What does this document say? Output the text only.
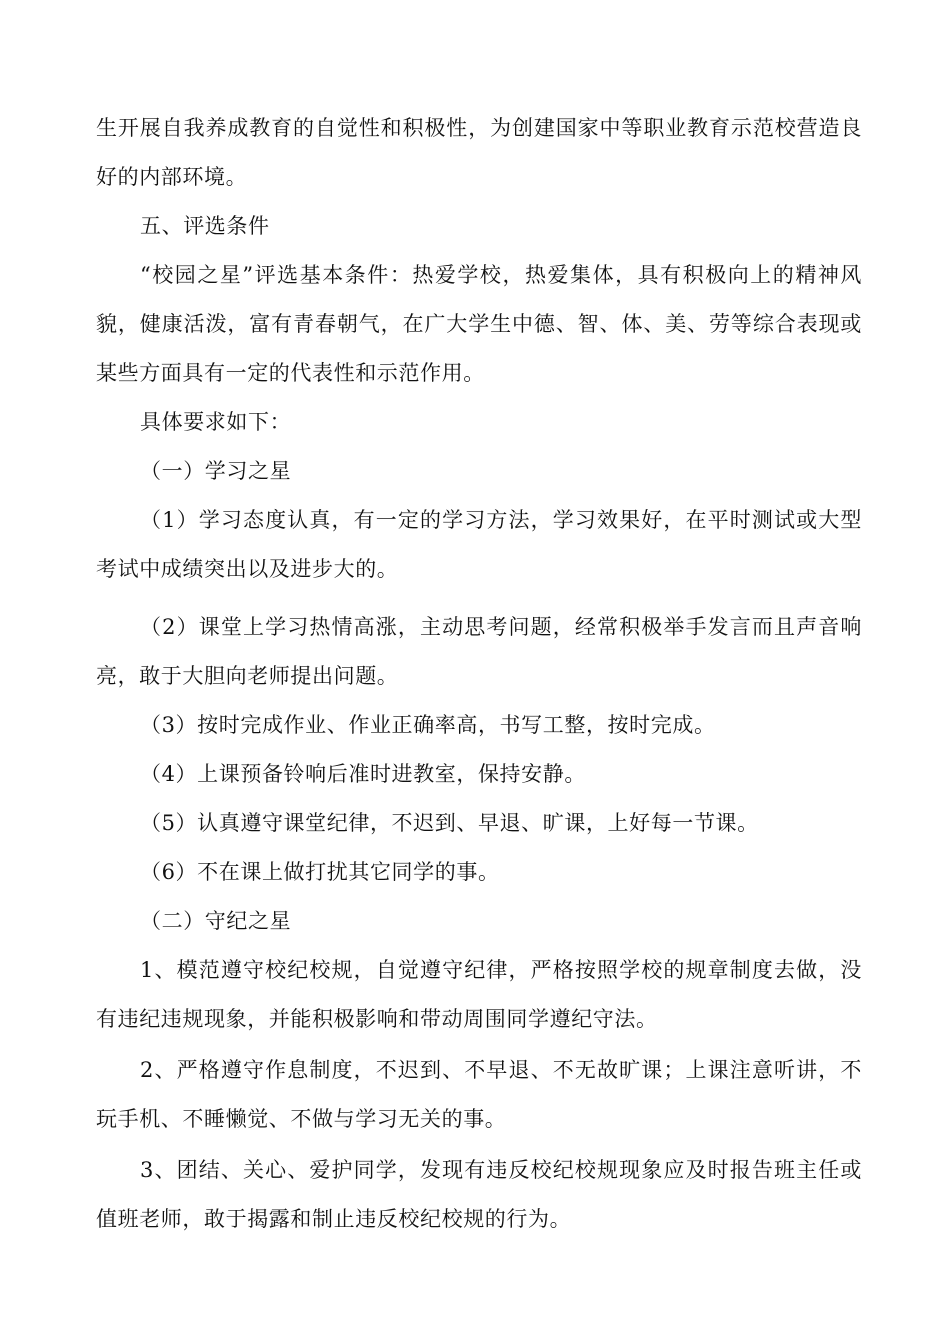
生开展自我养成教育的自觉性和积极性，为创建国家中等职业教育示范校营造良好的内部环境。

五、评选条件

“校园之星”评选基本条件：热爱学校，热爱集体，具有积极向上的精神风貌，健康活泼，富有青春朝气，在广大学生中德、智、体、美、劳等综合表现或某些方面具有一定的代表性和示范作用。

具体要求如下：

（一）学习之星

（1）学习态度认真，有一定的学习方法，学习效果好，在平时测试或大型考试中成绩突出以及进步大的。

（2）课堂上学习热情高涨，主动思考问题，经常积极举手发言而且声音响亮，敢于大胆向老师提出问题。

（3）按时完成作业、作业正确率高，书写工整，按时完成。

（4）上课预备铃响后准时进教室，保持安静。

（5）认真遵守课堂纪律，不迟到、早退、旷课，上好每一节课。

（6）不在课上做打扰其它同学的事。

（二）守纪之星

1、模范遵守校纪校规，自觉遵守纪律，严格按照学校的规章制度去做，没有违纪违规现象，并能积极影响和带动周围同学遵纪守法。

2、严格遵守作息制度，不迟到、不早退、不无故旷课；上课注意听讲，不玩手机、不睡懒觉、不做与学习无关的事。

3、团结、关心、爱护同学，发现有违反校纪校规现象应及时报告班主任或值班老师，敢于揭露和制止违反校纪校规的行为。
